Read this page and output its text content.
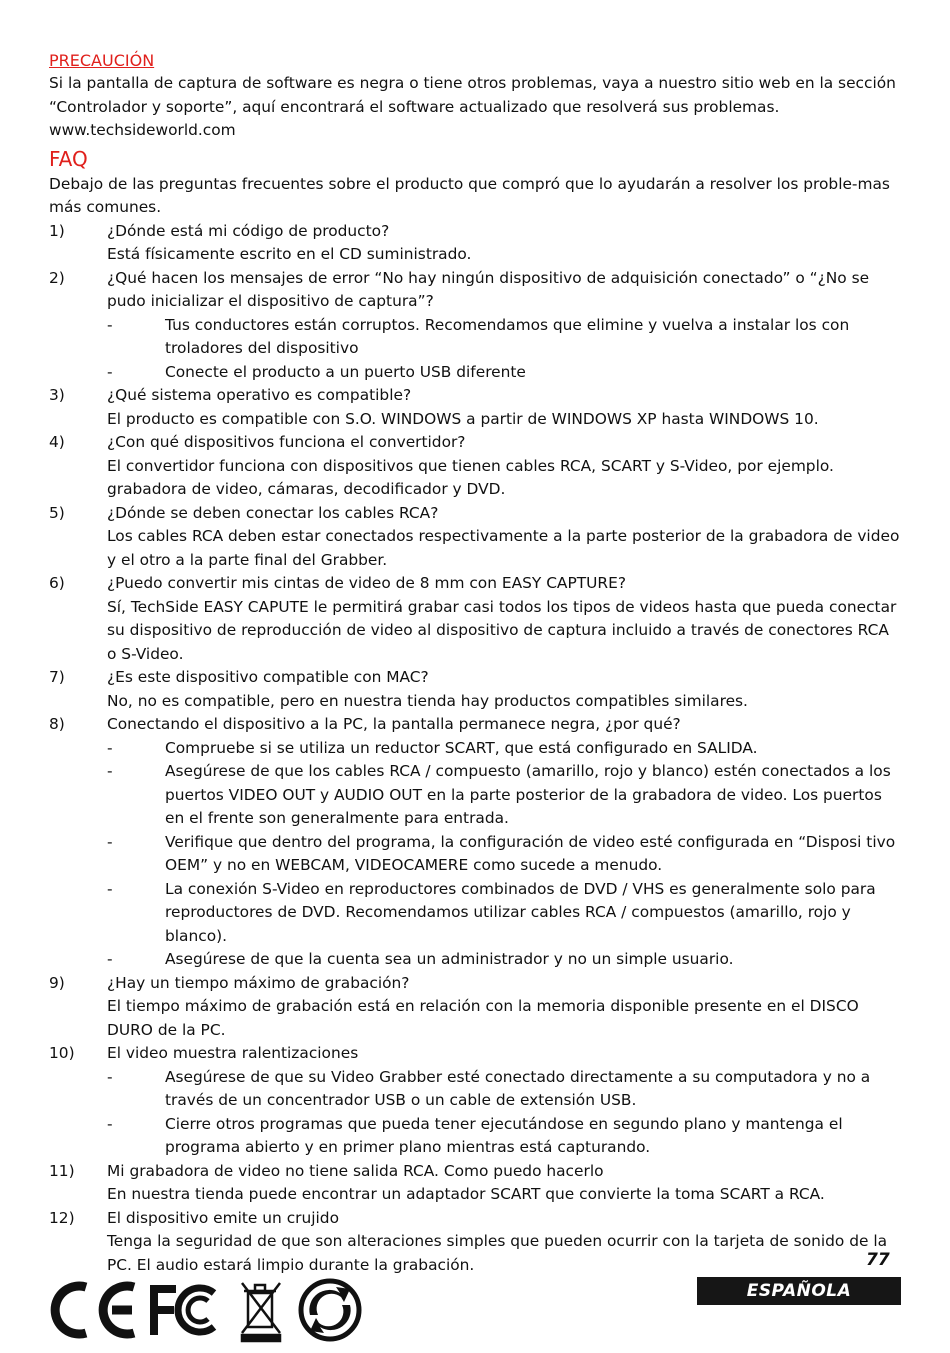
PRECAUCIÓN

Si la pantalla de captura de software es negra o tiene otros problemas, vaya a nuestro sitio web en la sección “Controlador y soporte”, aquí encontrará el software actualizado que resolverá sus problemas.

www.techsideworld.com
FAQ

Debajo de las preguntas frecuentes sobre el producto que compró que lo ayudarán a resolver los proble-mas más comunes.

1)	¿Dónde está mi código de producto?
Está físicamente escrito en el CD suministrado.
2)	¿Qué hacen los mensajes de error “No hay ningún dispositivo de adquisición conectado” o “¿No se pudo inicializar el dispositivo de captura”?
-	Tus conductores están corruptos. Recomendamos que elimine y vuelva a instalar los con troladores del dispositivo
-	Conecte el producto a un puerto USB diferente
3)	¿Qué sistema operativo es compatible?
El producto es compatible con S.O. WINDOWS a partir de WINDOWS XP hasta WINDOWS 10.
4)	¿Con qué dispositivos funciona el convertidor?
El convertidor funciona con dispositivos que tienen cables RCA, SCART y S-Video, por ejemplo. grabadora de video, cámaras, decodificador y DVD.
5)	¿Dónde se deben conectar los cables RCA?
Los cables RCA deben estar conectados respectivamente a la parte posterior de la grabadora de video y el otro a la parte final del Grabber.
6)	¿Puedo convertir mis cintas de video de 8 mm con EASY CAPTURE?
Sí, TechSide EASY CAPUTE le permitirá grabar casi todos los tipos de videos hasta que pueda conectar su dispositivo de reproducción de video al dispositivo de captura incluido a través de conectores RCA o S-Video.
7)	¿Es este dispositivo compatible con MAC?
No, no es compatible, pero en nuestra tienda hay productos compatibles similares.
8)	Conectando el dispositivo a la PC, la pantalla permanece negra, ¿por qué?
-	Compruebe si se utiliza un reductor SCART, que está configurado en SALIDA.
-	Asegúrese de que los cables RCA / compuesto (amarillo, rojo y blanco) estén conectados a los puertos VIDEO OUT y AUDIO OUT en la parte posterior de la grabadora de video. Los puertos en el frente son generalmente para entrada.
-	Verifique que dentro del programa, la configuración de video esté configurada en “Disposi tivo OEM” y no en WEBCAM, VIDEOCAMERE como sucede a menudo.
-	La conexión S-Video en reproductores combinados de DVD / VHS es generalmente solo para reproductores de DVD. Recomendamos utilizar cables RCA / compuestos (amarillo, rojo y blanco).
-	Asegúrese de que la cuenta sea un administrador y no un simple usuario.
9)	¿Hay un tiempo máximo de grabación?
El tiempo máximo de grabación está en relación con la memoria disponible presente en el DISCO DURO de la PC.
10)	El video muestra ralentizaciones
-	Asegúrese de que su Video Grabber esté conectado directamente a su computadora y no a través de un concentrador USB o un cable de extensión USB.
-	Cierre otros programas que pueda tener ejecutándose en segundo plano y mantenga el programa abierto y en primer plano mientras está capturando.
11)	Mi grabadora de video no tiene salida RCA. Como puedo hacerlo
En nuestra tienda puede encontrar un adaptador SCART que convierte la toma SCART a RCA.
12)	El dispositivo emite un crujido
Tenga la seguridad de que son alteraciones simples que pueden ocurrir con la tarjeta de sonido de la PC. El audio estará limpio durante la grabación.	77
ESPAÑOLA
